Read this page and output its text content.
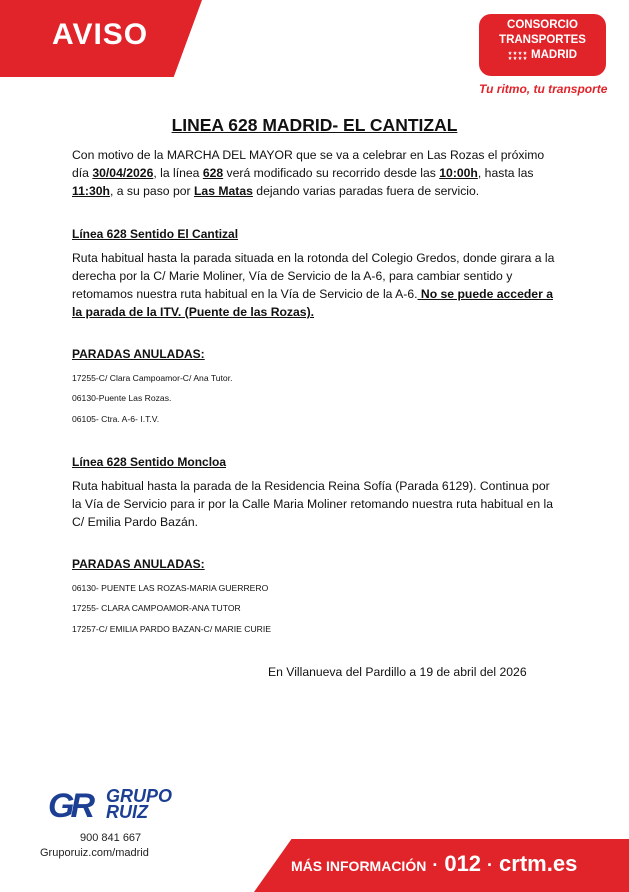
AVISO	CONSORCIO
TRANSPORTES
MADRID
Tu ritmo, tu transporte
LINEA 628 MADRID- EL CANTIZAL
Con motivo de la MARCHA DEL MAYOR que se va a celebrar en Las Rozas el próximo día 30/04/2026, la línea 628 verá modificado su recorrido desde las 10:00h, hasta las 11:30h, a su paso por Las Matas dejando varias paradas fuera de servicio.
Línea 628 Sentido El Cantizal
Ruta habitual hasta la parada situada en la rotonda del Colegio Gredos, donde girara a la derecha por la C/ Marie Moliner, Vía de Servicio de la A-6, para cambiar sentido y retomamos nuestra ruta habitual en la Vía de Servicio de la A-6. No se puede acceder a la parada de la ITV. (Puente de las Rozas).
PARADAS ANULADAS:
17255-C/ Clara Campoamor-C/ Ana Tutor.
06130-Puente Las Rozas.
06105- Ctra. A-6- I.T.V.
Línea 628 Sentido Moncloa
Ruta habitual hasta la parada de la Residencia Reina Sofía (Parada 6129). Continua por la Vía de Servicio para ir por la Calle Maria Moliner retomando nuestra ruta habitual en la C/ Emilia Pardo Bazán.
PARADAS ANULADAS:
06130- PUENTE LAS ROZAS-MARIA GUERRERO
17255- CLARA CAMPOAMOR-ANA TUTOR
17257-C/ EMILIA PARDO BAZAN-C/ MARIE CURIE
En Villanueva del Pardillo a 19 de abril del 2026
GR GRUPO
RUIZ
900 841 667
Gruporuiz.com/madrid
MÁS INFORMACIÓN · 012 · crtm.es
